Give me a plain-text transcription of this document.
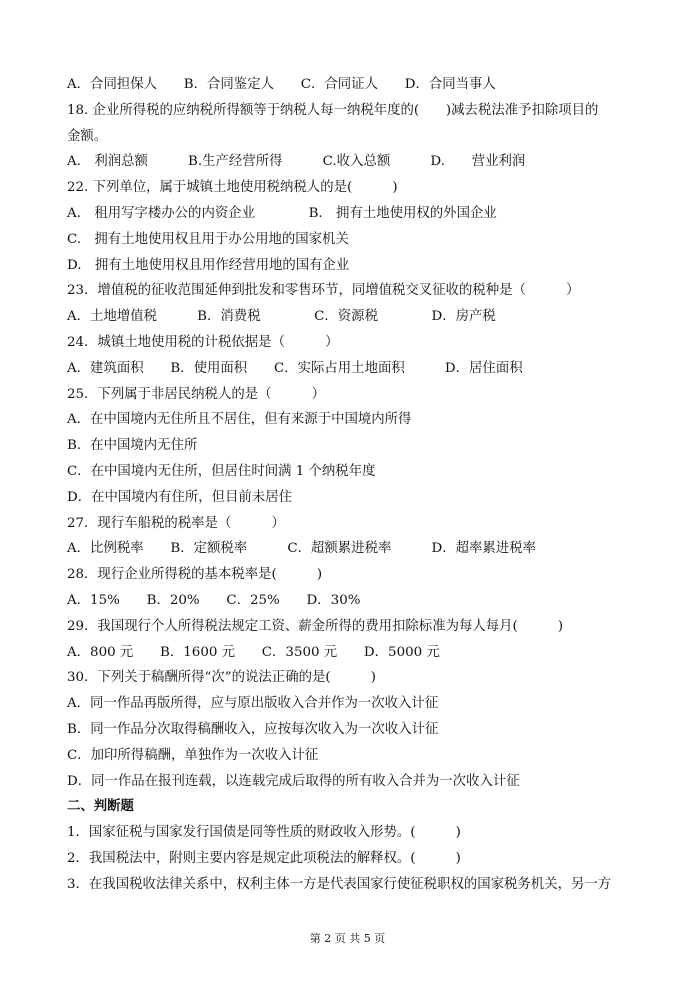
A．合同担保人　　B．合同鉴定人　　C．合同证人　　D．合同当事人
18. 企业所得税的应纳税所得额等于纳税人每一纳税年度的(　　)减去税法准予扣除项目的
金额。
A.　利润总额　　　B.生产经营所得　　　C.收入总额　　　D.　　营业利润
22. 下列单位，属于城镇土地使用税纳税人的是(　　　)
A.　租用写字楼办公的内资企业　　　　B.　拥有土地使用权的外国企业
C.　拥有土地使用权且用于办公用地的国家机关
D.　拥有土地使用权且用作经营用地的国有企业
23．增值税的征收范围延伸到批发和零售环节，同增值税交叉征收的税种是（　　　）
A．土地增值税　　　B．消费税　　　　C．资源税　　　　D．房产税
24．城镇土地使用税的计税依据是（　　　）
A．建筑面积　　B．使用面积　　C．实际占用土地面积　　　D．居住面积
25．下列属于非居民纳税人的是（　　　）
A．在中国境内无住所且不居住，但有来源于中国境内所得
B．在中国境内无住所
C．在中国境内无住所，但居住时间满 1 个纳税年度
D．在中国境内有住所，但目前未居住
27．现行车船税的税率是（　　　）
A．比例税率　　B．定额税率　　　C．超额累进税率　　　D．超率累进税率
28．现行企业所得税的基本税率是(　　　)
A．15%　　B．20%　　C．25%　　D．30%
29．我国现行个人所得税法规定工资、薪金所得的费用扣除标准为每人每月(　　　)
A．800 元　　B．1600 元　　C．3500 元　　D．5000 元
30．下列关于稿酬所得“次”的说法正确的是(　　　)
A．同一作品再版所得，应与原出版收入合并作为一次收入计征
B．同一作品分次取得稿酬收入，应按每次收入为一次收入计征
C．加印所得稿酬，单独作为一次收入计征
D．同一作品在报刊连载，以连载完成后取得的所有收入合并为一次收入计征
二、判断题
1．国家征税与国家发行国债是同等性质的财政收入形势。(　　　)
2．我国税法中，附则主要内容是规定此项税法的解释权。(　　　)
3．在我国税收法律关系中，权利主体一方是代表国家行使征税职权的国家税务机关，另一方
第 2 页 共 5 页
